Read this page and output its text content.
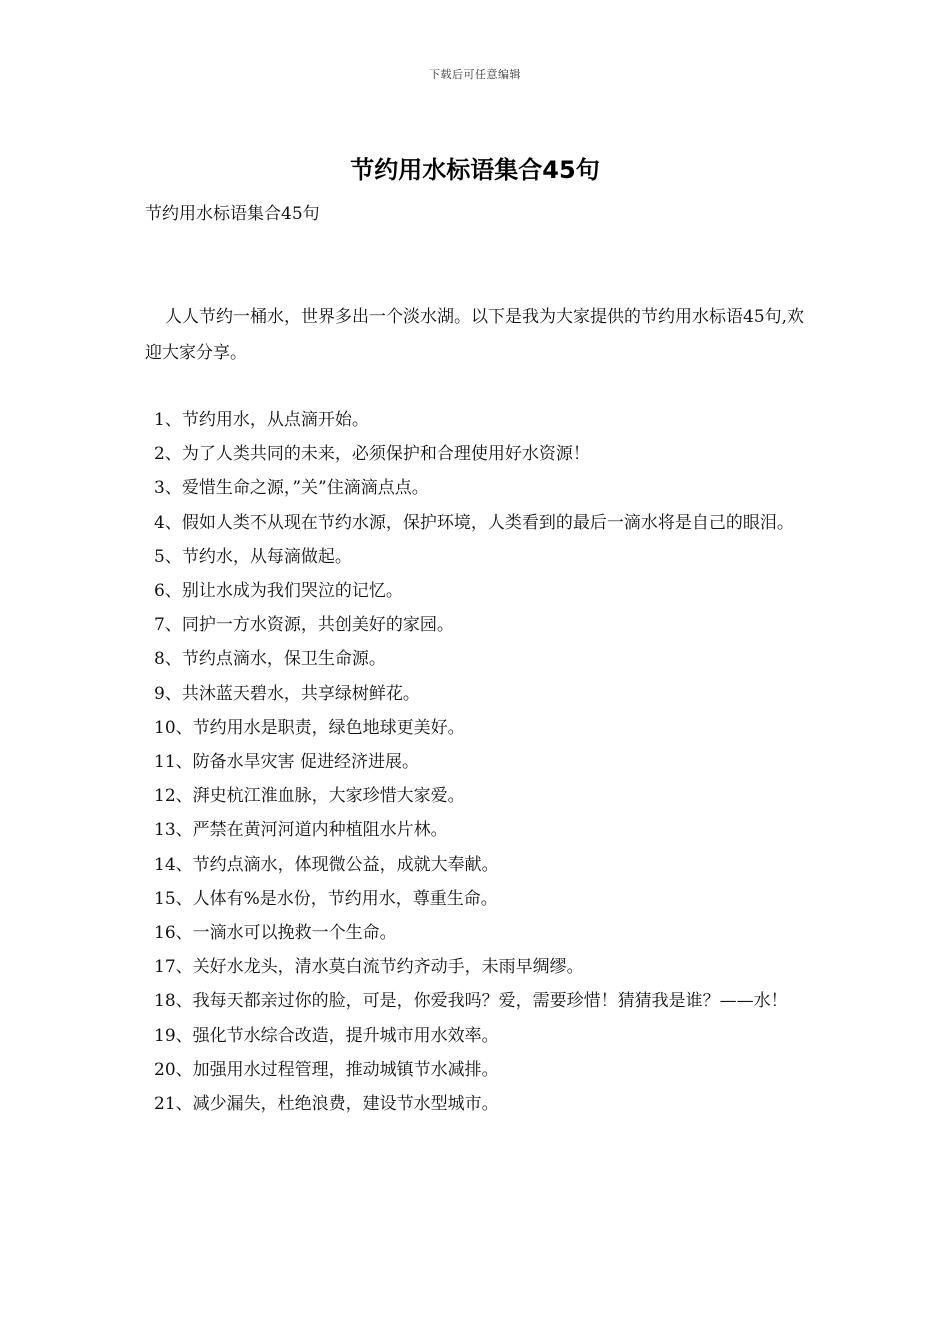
下载后可任意编辑
节约用水标语集合45句
节约用水标语集合45句

人人节约一桶水，世界多出一个淡水湖。以下是我为大家提供的节约用水标语45句,欢迎大家分享。

1、节约用水，从点滴开始。
2、为了人类共同的未来，必须保护和合理使用好水资源！
3、爱惜生命之源，”关”住滴滴点点。
4、假如人类不从现在节约水源，保护环境，人类看到的最后一滴水将是自己的眼泪。
5、节约水，从每滴做起。
6、别让水成为我们哭泣的记忆。
7、同护一方水资源，共创美好的家园。
8、节约点滴水，保卫生命源。
9、共沐蓝天碧水，共享绿树鲜花。
10、节约用水是职责，绿色地球更美好。
11、防备水旱灾害 促进经济进展。
12、湃史杭江淮血脉，大家珍惜大家爱。
13、严禁在黄河河道内种植阻水片林。
14、节约点滴水，体现微公益，成就大奉献。
15、人体有%是水份，节约用水，尊重生命。
16、一滴水可以挽救一个生命。
17、关好水龙头，清水莫白流节约齐动手，未雨早绸缪。
18、我每天都亲过你的脸，可是，你爱我吗？爱，需要珍惜！猜猜我是谁？——水！
19、强化节水综合改造，提升城市用水效率。
20、加强用水过程管理，推动城镇节水减排。
21、减少漏失，杜绝浪费，建设节水型城市。
